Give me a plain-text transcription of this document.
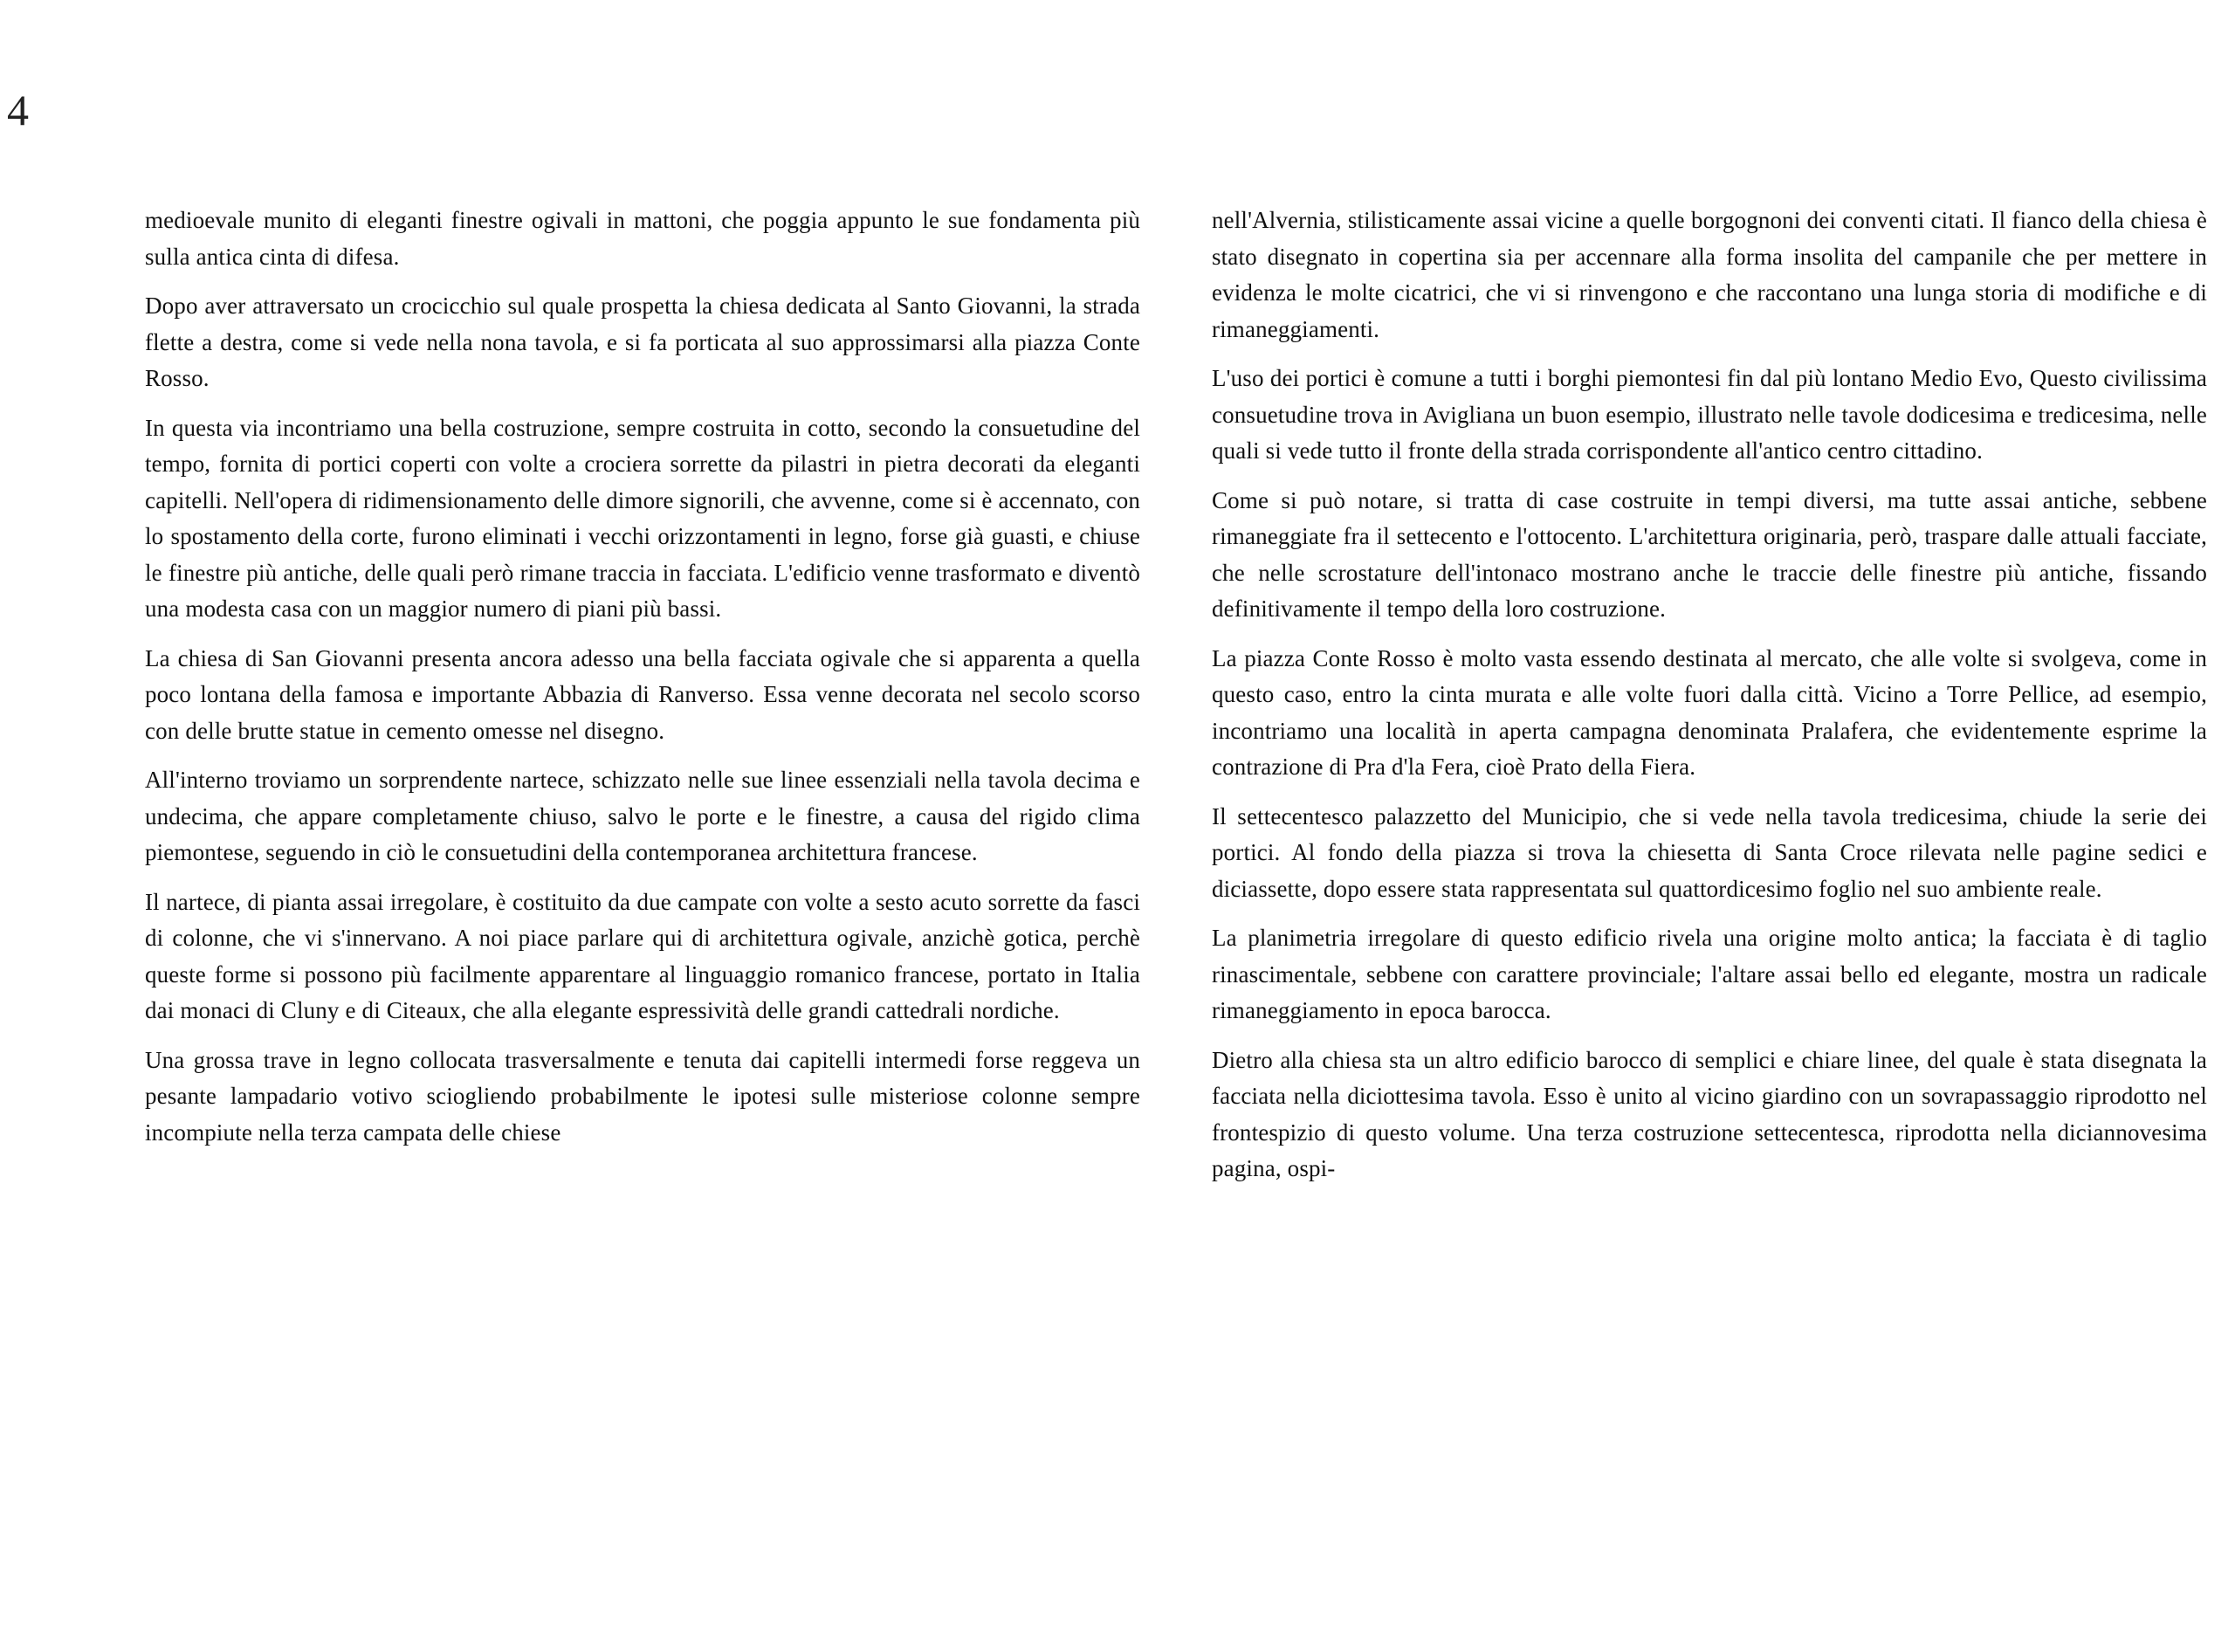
4

medioevale munito di eleganti finestre ogivali in mattoni, che poggia appunto le sue fondamenta più sulla antica cinta di difesa.

Dopo aver attraversato un crocicchio sul quale prospetta la chiesa dedicata al Santo Giovanni, la strada flette a destra, come si vede nella nona tavola, e si fa porticata al suo approssimarsi alla piazza Conte Rosso.

In questa via incontriamo una bella costruzione, sempre costruita in cotto, secondo la consuetudine del tempo, fornita di portici coperti con volte a crociera sorrette da pilastri in pietra decorati da eleganti capitelli. Nell'opera di ridimensionamento delle dimore signorili, che avvenne, come si è accennato, con lo spostamento della corte, furono eliminati i vecchi orizzontamenti in legno, forse già guasti, e chiuse le finestre più antiche, delle quali però rimane traccia in facciata. L'edificio venne trasformato e diventò una modesta casa con un maggior numero di piani più bassi.

La chiesa di San Giovanni presenta ancora adesso una bella facciata ogivale che si apparenta a quella poco lontana della famosa e importante Abbazia di Ranverso. Essa venne decorata nel secolo scorso con delle brutte statue in cemento omesse nel disegno.

All'interno troviamo un sorprendente nartece, schizzato nelle sue linee essenziali nella tavola decima e undecima, che appare completamente chiuso, salvo le porte e le finestre, a causa del rigido clima piemontese, seguendo in ciò le consuetudini della contemporanea architettura francese.

Il nartece, di pianta assai irregolare, è costituito da due campate con volte a sesto acuto sorrette da fasci di colonne, che vi s'innervano. A noi piace parlare qui di architettura ogivale, anzichè gotica, perchè queste forme si possono più facilmente apparentare al linguaggio romanico francese, portato in Italia dai monaci di Cluny e di Citeaux, che alla elegante espressività delle grandi cattedrali nordiche.

Una grossa trave in legno collocata trasversalmente e tenuta dai capitelli intermedi forse reggeva un pesante lampadario votivo sciogliendo probabilmente le ipotesi sulle misteriose colonne sempre incompiute nella terza campata delle chiese

nell'Alvernia, stilisticamente assai vicine a quelle borgognoni dei conventi citati. Il fianco della chiesa è stato disegnato in copertina sia per accennare alla forma insolita del campanile che per mettere in evidenza le molte cicatrici, che vi si rinvengono e che raccontano una lunga storia di modifiche e di rimaneggiamenti.

L'uso dei portici è comune a tutti i borghi piemontesi fin dal più lontano Medio Evo, Questo civilissima consuetudine trova in Avigliana un buon esempio, illustrato nelle tavole dodicesima e tredicesima, nelle quali si vede tutto il fronte della strada corrispondente all'antico centro cittadino.

Come si può notare, si tratta di case costruite in tempi diversi, ma tutte assai antiche, sebbene rimaneggiate fra il settecento e l'ottocento. L'architettura originaria, però, traspare dalle attuali facciate, che nelle scrostature dell'intonaco mostrano anche le traccie delle finestre più antiche, fissando definitivamente il tempo della loro costruzione.

La piazza Conte Rosso è molto vasta essendo destinata al mercato, che alle volte si svolgeva, come in questo caso, entro la cinta murata e alle volte fuori dalla città. Vicino a Torre Pellice, ad esempio, incontriamo una località in aperta campagna denominata Pralafera, che evidentemente esprime la contrazione di Pra d'la Fera, cioè Prato della Fiera.

Il settecentesco palazzetto del Municipio, che si vede nella tavola tredicesima, chiude la serie dei portici. Al fondo della piazza si trova la chiesetta di Santa Croce rilevata nelle pagine sedici e diciassette, dopo essere stata rappresentata sul quattordicesimo foglio nel suo ambiente reale.

La planimetria irregolare di questo edificio rivela una origine molto antica; la facciata è di taglio rinascimentale, sebbene con carattere provinciale; l'altare assai bello ed elegante, mostra un radicale rimaneggiamento in epoca barocca.

Dietro alla chiesa sta un altro edificio barocco di semplici e chiare linee, del quale è stata disegnata la facciata nella diciottesima tavola. Esso è unito al vicino giardino con un sovrapassaggio riprodotto nel frontespizio di questo volume. Una terza costruzione settecentesca, riprodotta nella diciannovesima pagina, ospi-
